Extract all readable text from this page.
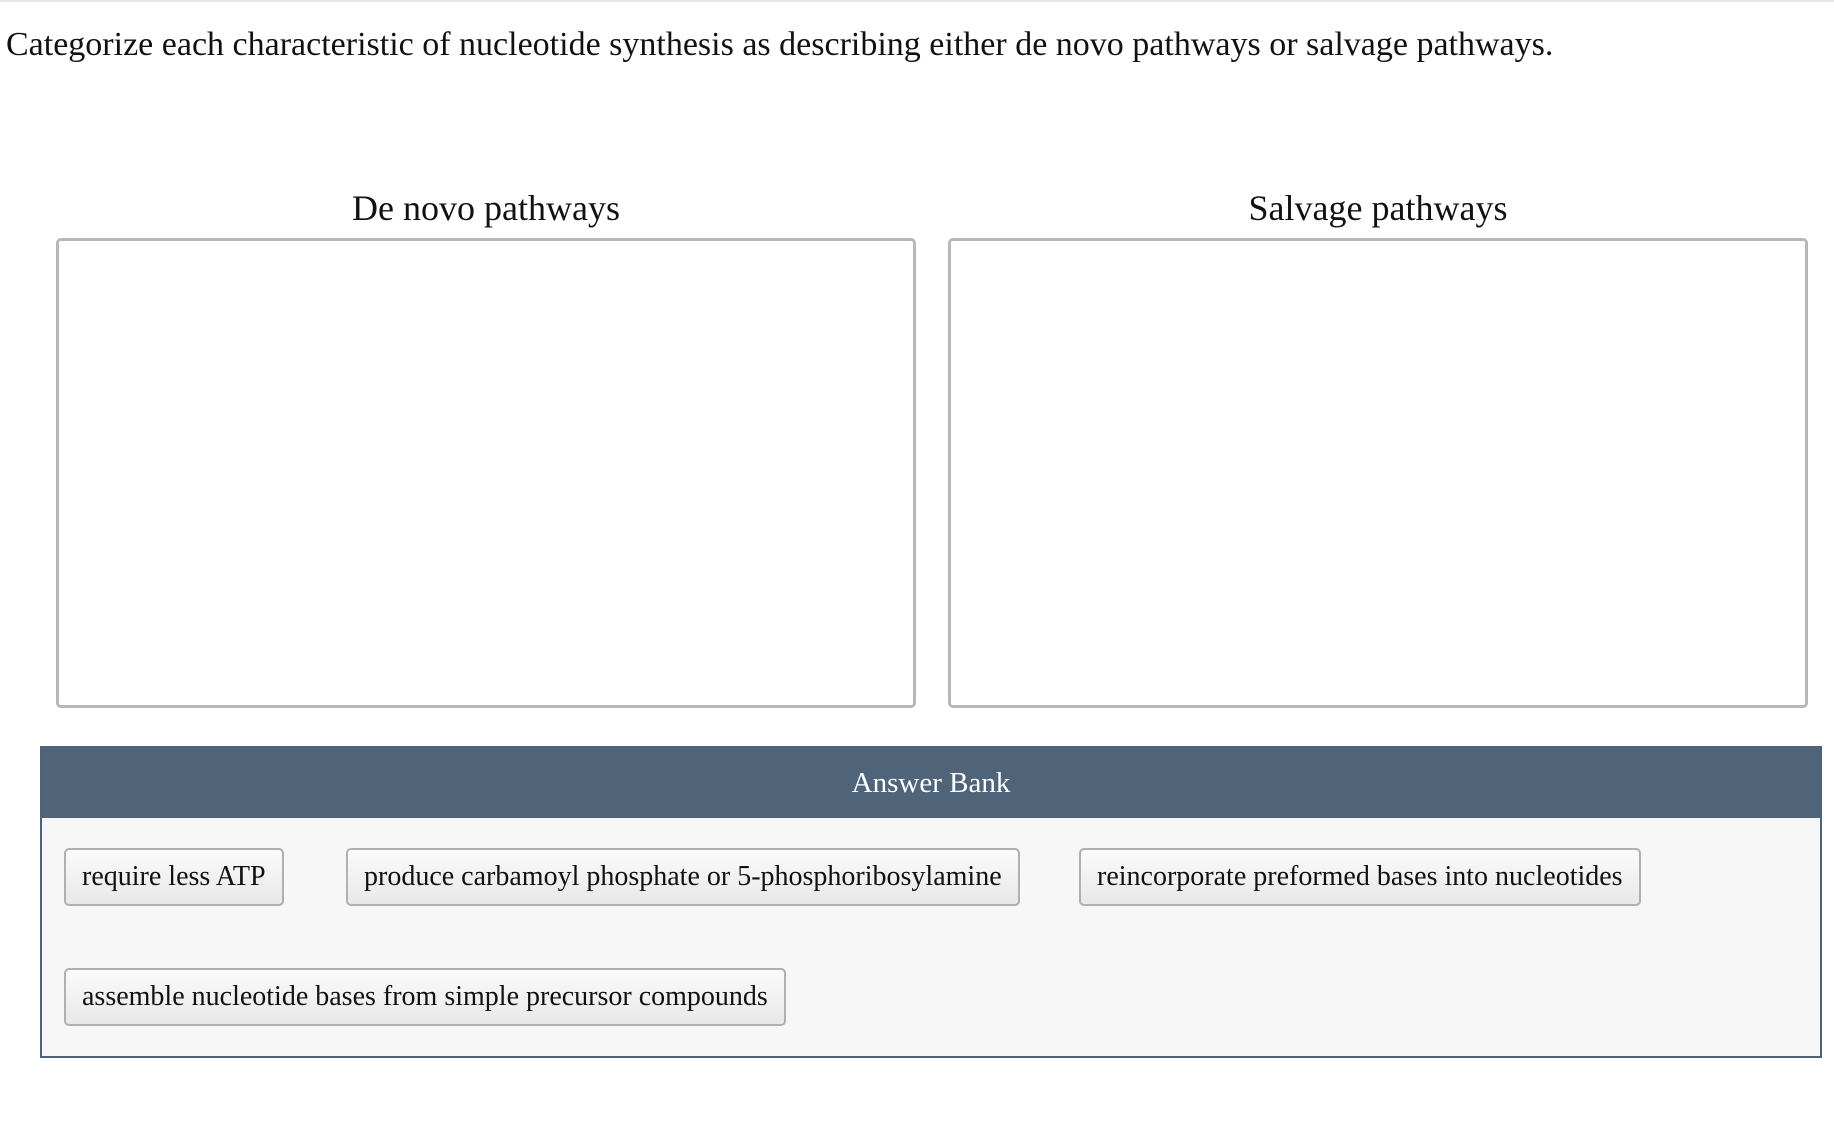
Categorize each characteristic of nucleotide synthesis as describing either de novo pathways or salvage pathways.
De novo pathways	Salvage pathways
Answer Bank
require less ATP	produce carbamoyl phosphate or 5-phosphoribosylamine	reincorporate preformed bases into nucleotides
assemble nucleotide bases from simple precursor compounds
